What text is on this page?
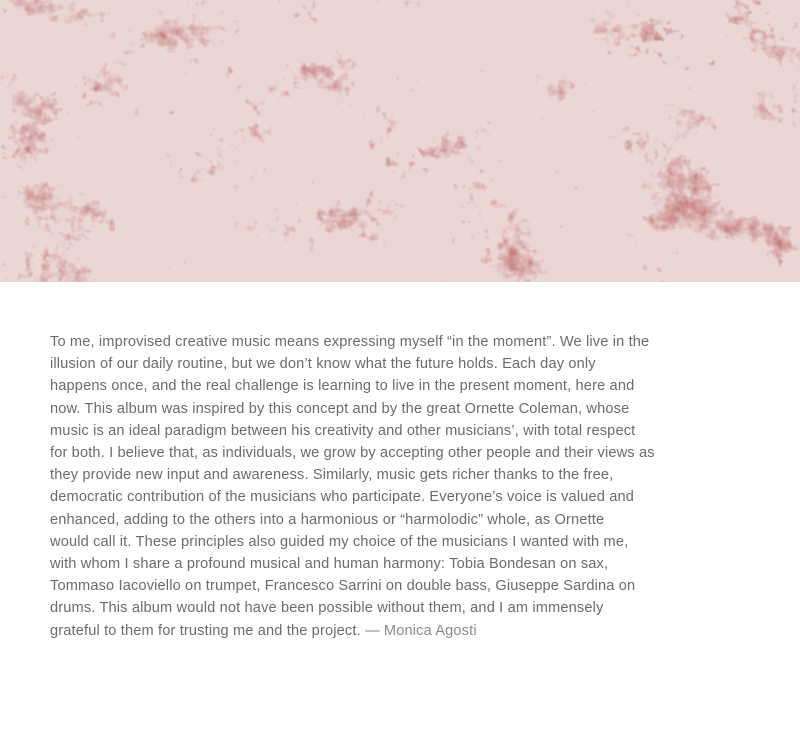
To me, improvised creative music means expressing myself “in the moment”. We live in the
illusion of our daily routine, but we don’t know what the future holds. Each day only
happens once, and the real challenge is learning to live in the present moment, here and
now. This album was inspired by this concept and by the great Ornette Coleman, whose
music is an ideal paradigm between his creativity and other musicians’, with total respect
for both. I believe that, as individuals, we grow by accepting other people and their views as
they provide new input and awareness. Similarly, music gets richer thanks to the free,
democratic contribution of the musicians who participate. Everyone’s voice is valued and
enhanced, adding to the others into a harmonious or “harmolodic” whole, as Ornette
would call it. These principles also guided my choice of the musicians I wanted with me,
with whom I share a profound musical and human harmony: Tobia Bondesan on sax,
Tommaso Iacoviello on trumpet, Francesco Sarrini on double bass, Giuseppe Sardina on
drums. This album would not have been possible without them, and I am immensely
grateful to them for trusting me and the project. — Monica Agosti
